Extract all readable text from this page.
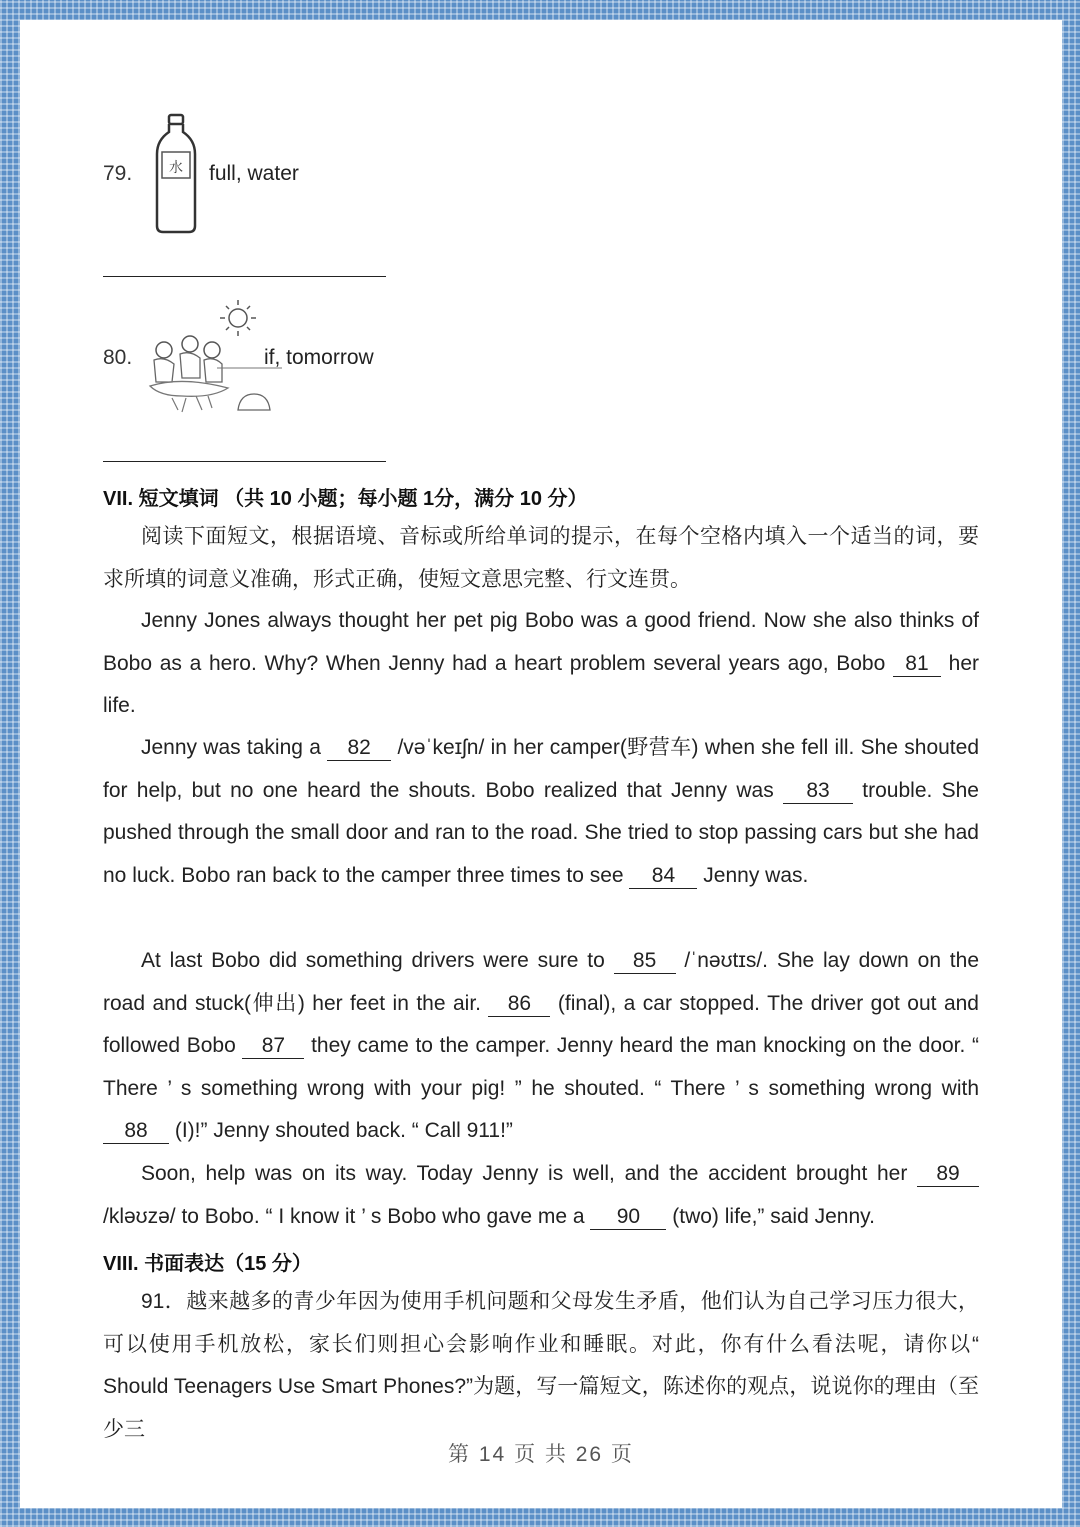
79.	水 full, water
80.	if, tomorrow
VII. 短文填词 （共 10 小题；每小题 1分，满分 10 分）

阅读下面短文，根据语境、音标或所给单词的提示，在每个空格内填入一个适当的词，要求所填的词意义准确，形式正确，使短文意思完整、行文连贯。

Jenny Jones always thought her pet pig Bobo was a good friend. Now she also thinks of Bobo as a hero. Why? When Jenny had a heart problem several years ago, Bobo 81 her life.

Jenny was taking a 82 /vəˈkeɪʃn/ in her camper(野营车) when she fell ill. She shouted for help, but no one heard the shouts. Bobo realized that Jenny was 83 trouble. She pushed through the small door and ran to the road. She tried to stop passing cars but she had no luck. Bobo ran back to the camper three times to see 84 Jenny was.

At last Bobo did something drivers were sure to 85 /ˈnəʊtɪs/. She lay down on the road and stuck(伸出) her feet in the air. 86 (final), a car stopped. The driver got out and followed Bobo 87 they came to the camper. Jenny heard the man knocking on the door. “ There ’ s something wrong with your pig! ” he shouted. “ There ’ s something wrong with 88 (I)!” Jenny shouted back. “ Call 911!”

Soon, help was on its way. Today Jenny is well, and the accident brought her 89 /kləʊzə/ to Bobo. “ I know it ’ s Bobo who gave me a 90 (two) life,” said Jenny.

VIII. 书面表达（15 分）

91．越来越多的青少年因为使用手机问题和父母发生矛盾，他们认为自己学习压力很大，可以使用手机放松，家长们则担心会影响作业和睡眠。对此，你有什么看法呢，请你以“ Should Teenagers Use Smart Phones?”为题，写一篇短文，陈述你的观点，说说你的理由（至少三

第 14 页 共 26 页
